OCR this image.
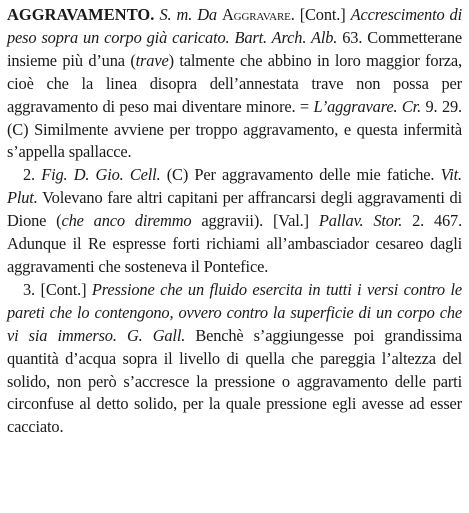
AGGRAVAMENTO. S. m. Da Aggravare. [Cont.] Accrescimento di peso sopra un corpo già caricato. Bart. Arch. Alb. 63. Commetterane insieme più d’una (trave) talmente che abbino in loro maggior forza, cioè che la linea disopra dell’annestata trave non possa per aggravamento di peso mai diventare minore. = L’aggravare. Cr. 9. 29. (C) Similmente avviene per troppo aggravamento, e questa infermità s’appella spallacce.

2. Fig. D. Gio. Cell. (C) Per aggravamento delle mie fatiche. Vit. Plut. Volevano fare altri capitani per affrancarsi degli aggravamenti di Dione (che anco diremmo aggravii). [Val.] Pallav. Stor. 2. 467. Adunque il Re espresse forti richiami all’ambasciador cesareo dagli aggravamenti che sosteneva il Pontefice.

3. [Cont.] Pressione che un fluido esercita in tutti i versi contro le pareti che lo contengono, ovvero contro la superficie di un corpo che vi sia immerso. G. Gall. Benchè s’aggiungesse poi grandissima quantità d’acqua sopra il livello di quella che pareggia l’altezza del solido, non però s’accresce la pressione o aggravamento delle parti circonfuse al detto solido, per la quale pressione egli avesse ad esser cacciato.
